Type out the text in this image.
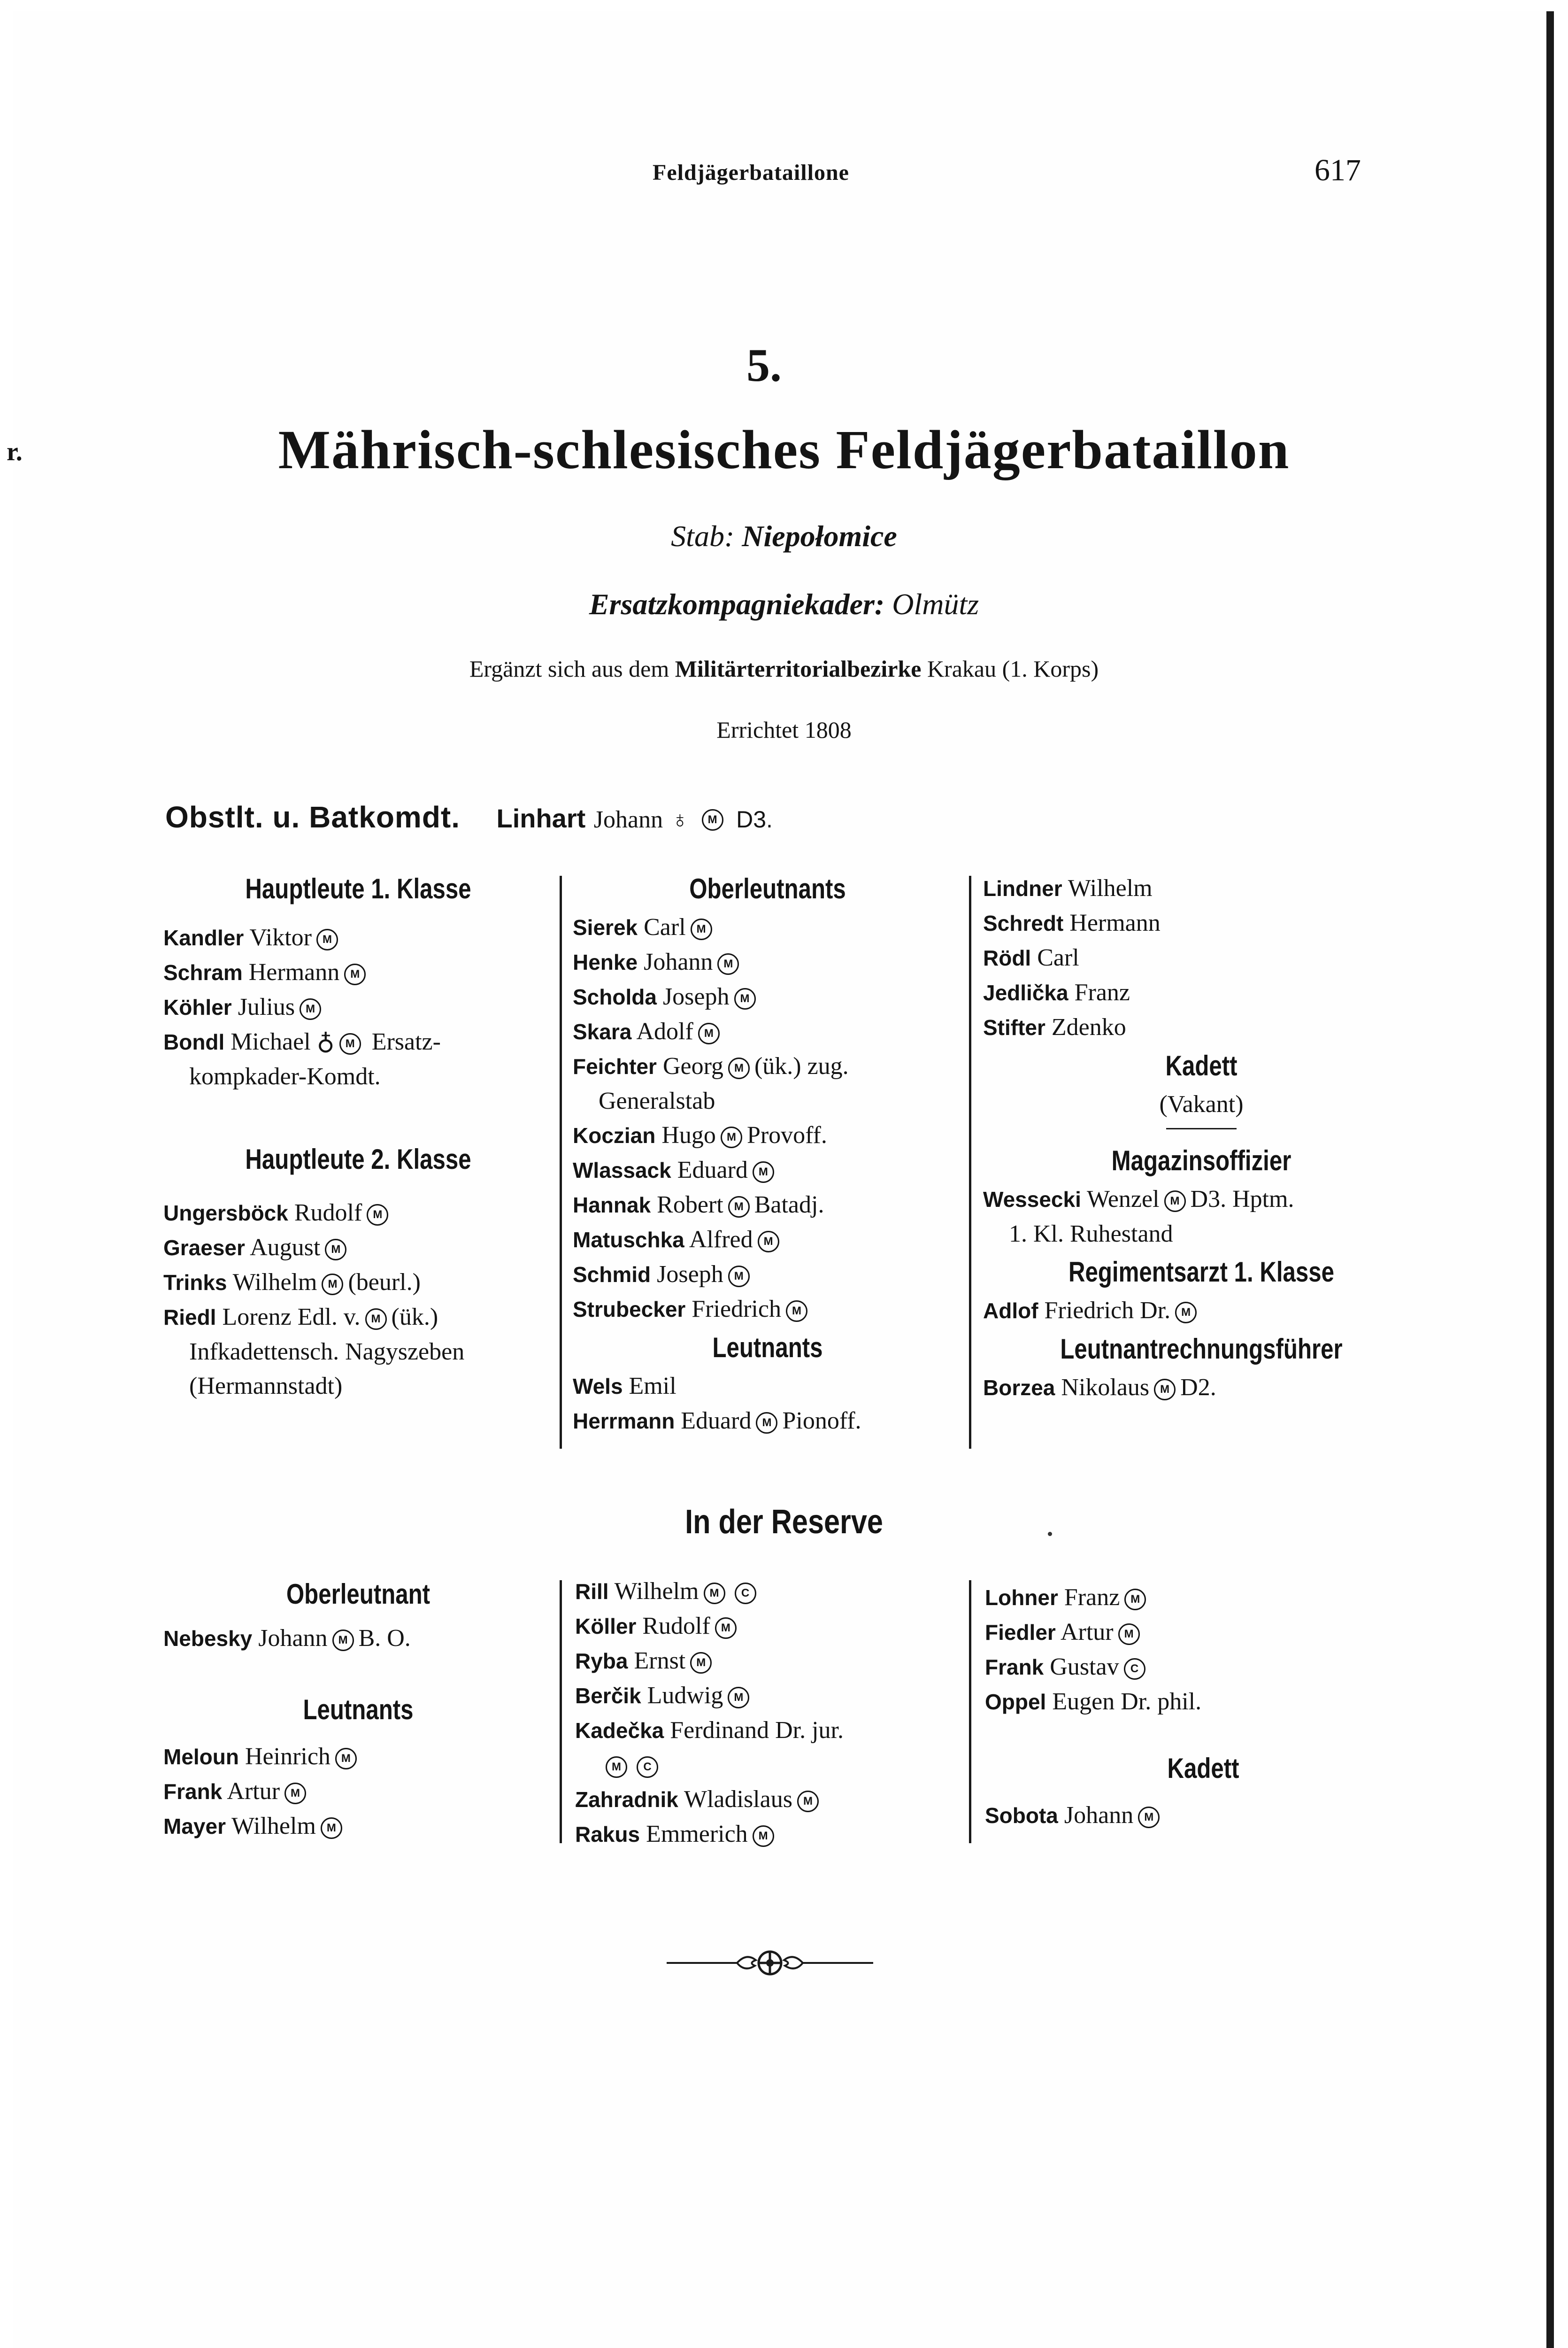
r.
Feldjägerbataillone	617
5.
Mährisch-schlesisches Feldjägerbataillon
Stab: Niepołomice
Ersatzkompagniekader: Olmütz
Ergänzt sich aus dem Militärterritorialbezirke Krakau (1. Korps)
Errichtet 1808
Obstlt. u. Batkomdt. Linhart Johann ♁ M D3.
Hauptleute 1. Klasse
Kandler Viktor M
Schram Hermann M
Köhler Julius M
Bondl Michael ♁ M Ersatz-
kompkader-Komdt.
Hauptleute 2. Klasse
Ungersböck Rudolf M
Graeser August M
Trinks Wilhelm M (beurl.)
Riedl Lorenz Edl. v. M (ük.)
Infkadettensch. Nagyszeben
(Hermannstadt)
Oberleutnants
Sierek Carl M
Henke Johann M
Scholda Joseph M
Skara Adolf M
Feichter Georg M (ük.) zug.
Generalstab
Koczian Hugo M Provoff.
Wlassack Eduard M
Hannak Robert M Batadj.
Matuschka Alfred M
Schmid Joseph M
Strubecker Friedrich M
Leutnants
Wels Emil
Herrmann Eduard M Pionoff.
Lindner Wilhelm
Schredt Hermann
Rödl Carl
Jedlička Franz
Stifter Zdenko
Kadett
(Vakant)
Magazinsoffizier
Wessecki Wenzel M D3. Hptm.
1. Kl. Ruhestand
Regimentsarzt 1. Klasse
Adlof Friedrich Dr. M
Leutnantrechnungsführer
Borzea Nikolaus M D2.
In der Reserve
Oberleutnant
Nebesky Johann M B. O.
Leutnants
Meloun Heinrich M
Frank Artur M
Mayer Wilhelm M
Rill Wilhelm M C
Köller Rudolf M
Ryba Ernst M
Berčik Ludwig M
Kadečka Ferdinand Dr. jur.
M C
Zahradnik Wladislaus M
Rakus Emmerich M
Lohner Franz M
Fiedler Artur M
Frank Gustav C
Oppel Eugen Dr. phil.
Kadett
Sobota Johann M
